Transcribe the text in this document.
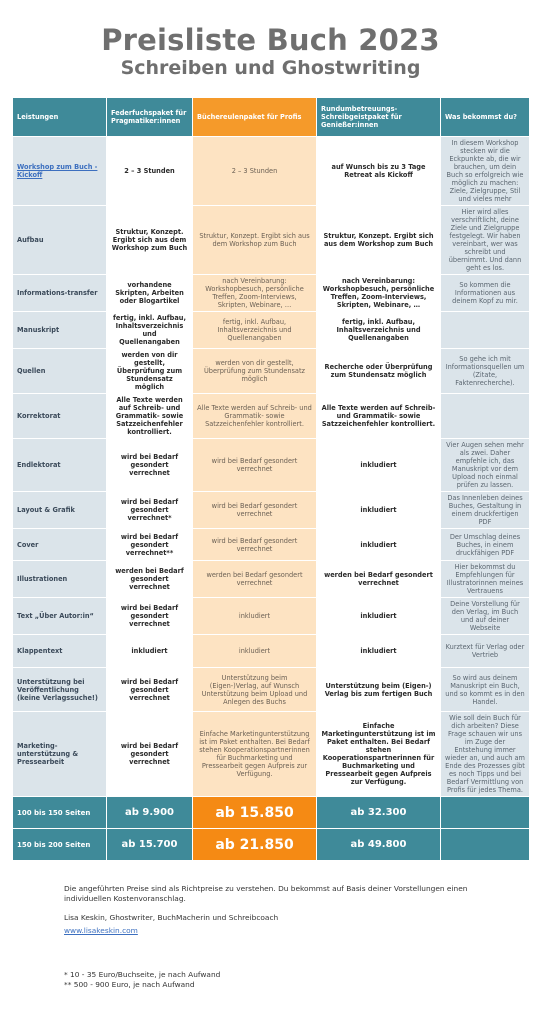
Preisliste Buch 2023
Schreiben und Ghostwriting
Leistungen	Federfuchspaket für Pragmatiker:innen	Büchereulenpaket für Profis	Rundumbetreuungs-Schreibgeistpaket für Genießer:innen	Was bekommst du?
Workshop zum Buch - Kickoff	2 – 3 Stunden	2 – 3 Stunden	auf Wunsch bis zu 3 Tage Retreat als Kickoff	In diesem Workshop stecken wir die Eckpunkte ab, die wir brauchen, um dein Buch so erfolgreich wie möglich zu machen: Ziele, Zielgruppe, Stil und vieles mehr
Aufbau	Struktur, Konzept. Ergibt sich aus dem Workshop zum Buch	Struktur, Konzept. Ergibt sich aus dem Workshop zum Buch	Struktur, Konzept. Ergibt sich aus dem Workshop zum Buch	Hier wird alles verschriftlicht, deine Ziele und Zielgruppe festgelegt. Wir haben vereinbart, wer was schreibt und übernimmt. Und dann geht es los.
Informations-transfer	vorhandene Skripten, Arbeiten oder Blogartikel	nach Vereinbarung: Workshopbesuch, persönliche Treffen, Zoom-Interviews, Skripten, Webinare, …	nach Vereinbarung: Workshopbesuch, persönliche Treffen, Zoom-Interviews, Skripten, Webinare, …	So kommen die Informationen aus deinem Kopf zu mir.
Manuskript	fertig, inkl. Aufbau, Inhaltsverzeichnis und Quellenangaben	fertig, inkl. Aufbau, Inhaltsverzeichnis und Quellenangaben	fertig, inkl. Aufbau, Inhaltsverzeichnis und Quellenangaben	
Quellen	werden von dir gestellt, Überprüfung zum Stundensatz möglich	werden von dir gestellt, Überprüfung zum Stundensatz möglich	Recherche oder Überprüfung zum Stundensatz möglich	So gehe ich mit Informationsquellen um (Zitate, Faktenrecherche).
Korrektorat	Alle Texte werden auf Schreib- und Grammatik- sowie Satzzeichenfehler kontrolliert.	Alle Texte werden auf Schreib- und Grammatik- sowie Satzzeichenfehler kontrolliert.	Alle Texte werden auf Schreib- und Grammatik- sowie Satzzeichenfehler kontrolliert.	
Endlektorat	wird bei Bedarf gesondert verrechnet	wird bei Bedarf gesondert verrechnet	inkludiert	Vier Augen sehen mehr als zwei. Daher empfehle ich, das Manuskript vor dem Upload noch einmal prüfen zu lassen.
Layout & Grafik	wird bei Bedarf gesondert verrechnet*	wird bei Bedarf gesondert verrechnet	inkludiert	Das Innenleben deines Buches, Gestaltung in einem druckfertigen PDF
Cover	wird bei Bedarf gesondert verrechnet**	wird bei Bedarf gesondert verrechnet	inkludiert	Der Umschlag deines Buches, in einem druckfähigen PDF
Illustrationen	werden bei Bedarf gesondert verrechnet	werden bei Bedarf gesondert verrechnet	werden bei Bedarf gesondert verrechnet	Hier bekommst du Empfehlungen für Illustratorinnen meines Vertrauens
Text „Über Autor:in“	wird bei Bedarf gesondert verrechnet	inkludiert	inkludiert	Deine Vorstellung für den Verlag, im Buch und auf deiner Webseite
Klappentext	inkludiert	inkludiert	inkludiert	Kurztext für Verlag oder Vertrieb
Unterstützung bei Veröffentlichung (keine Verlagssuche!)	wird bei Bedarf gesondert verrechnet	Unterstützung beim (Eigen-)Verlag, auf Wunsch Unterstützung beim Upload und Anlegen des Buchs	Unterstützung beim (Eigen-) Verlag bis zum fertigen Buch	So wird aus deinem Manuskript ein Buch, und so kommt es in den Handel.
Marketing-unterstützung & Pressearbeit	wird bei Bedarf gesondert verrechnet	Einfache Marketingunterstützung ist im Paket enthalten. Bei Bedarf stehen Kooperationspartnerinnen für Buchmarketing und Pressearbeit gegen Aufpreis zur Verfügung.	Einfache Marketingunterstützung ist im Paket enthalten. Bei Bedarf stehen Kooperationspartnerinnen für Buchmarketing und Pressearbeit gegen Aufpreis zur Verfügung.	Wie soll dein Buch für dich arbeiten? Diese Frage schauen wir uns im Zuge der Entstehung immer wieder an, und auch am Ende des Prozesses gibt es noch Tipps und bei Bedarf Vermittlung von Profis für jedes Thema.
100 bis 150 Seiten	ab 9.900	ab 15.850	ab 32.300	
150 bis 200 Seiten	ab 15.700	ab 21.850	ab 49.800	
Die angeführten Preise sind als Richtpreise zu verstehen. Du bekommst auf Basis deiner Vorstellungen einen individuellen Kostenvoranschlag.
Lisa Keskin, Ghostwriter, BuchMacherin und Schreibcoach
www.lisakeskin.com
* 10 - 35 Euro/Buchseite, je nach Aufwand
** 500 - 900 Euro, je nach Aufwand
